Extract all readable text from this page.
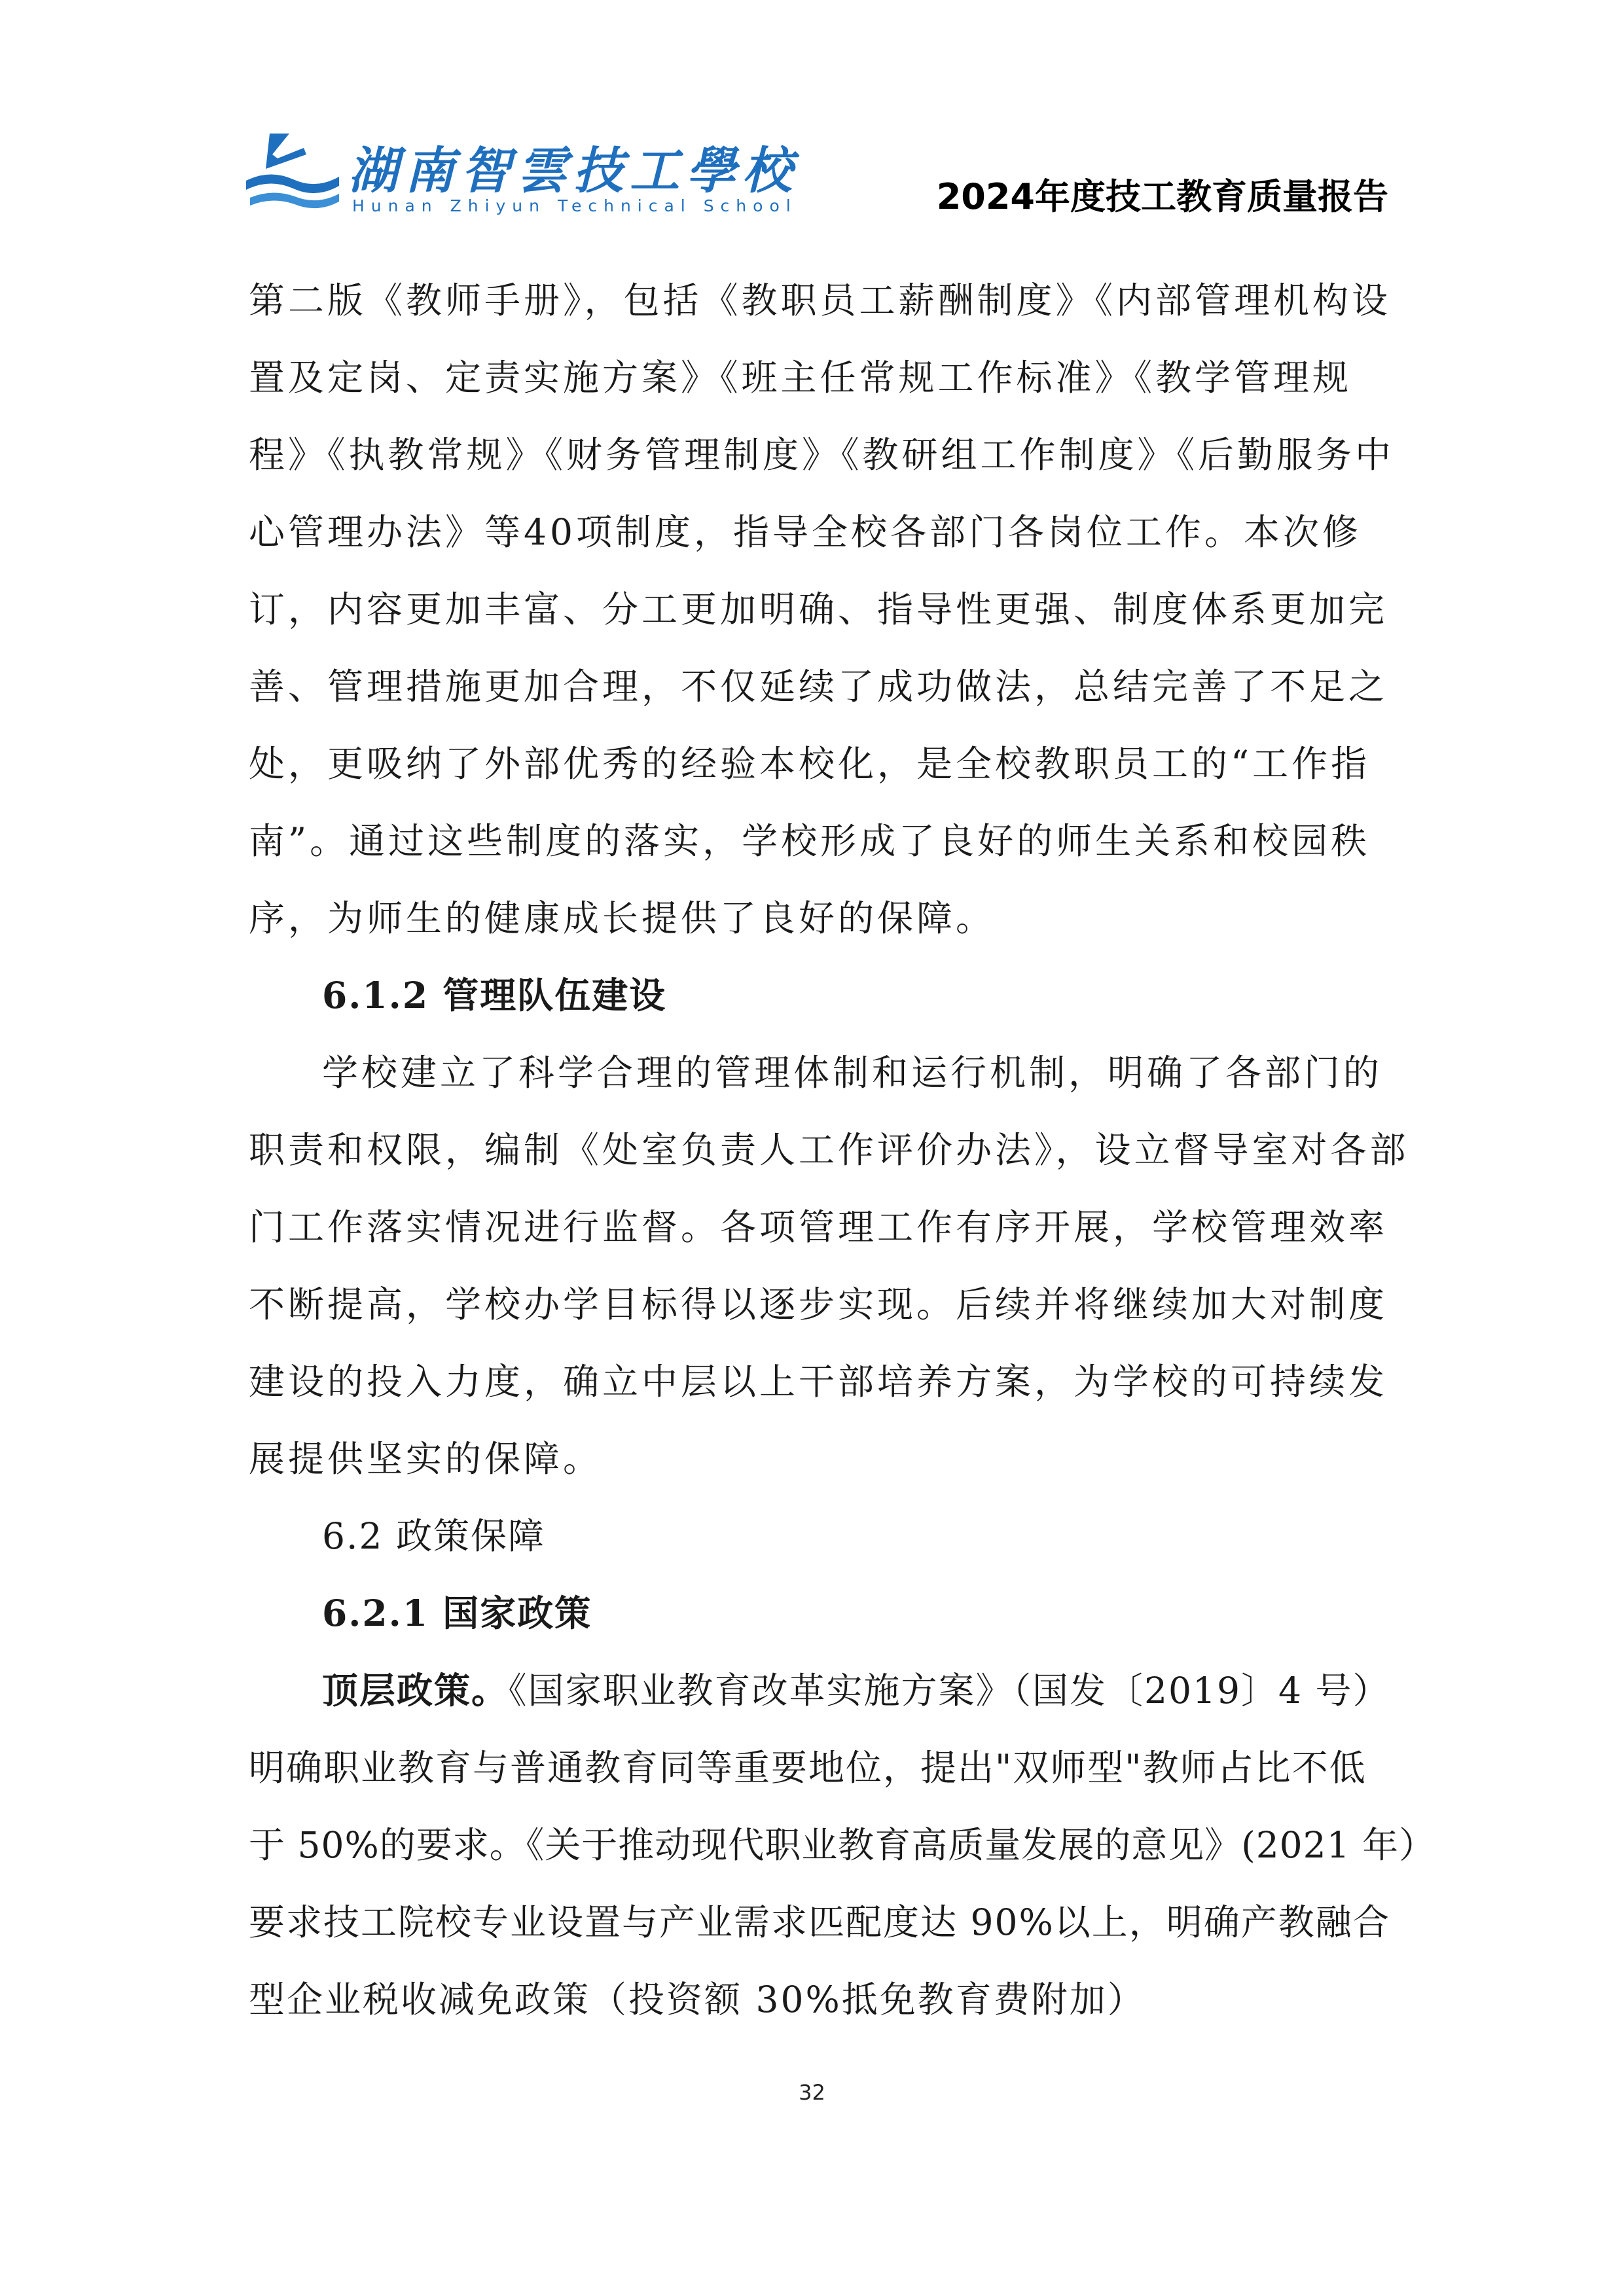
湖南智雲技工學校
Hunan Zhiyun Technical School	2024年度技工教育质量报告
第二版《教师手册》，包括《教职员工薪酬制度》《内部管理机构设
置及定岗、定责实施方案》《班主任常规工作标准》《教学管理规
程》《执教常规》《财务管理制度》《教研组工作制度》《后勤服务中
心管理办法》等40项制度，指导全校各部门各岗位工作。本次修
订，内容更加丰富、分工更加明确、指导性更强、制度体系更加完
善、管理措施更加合理，不仅延续了成功做法，总结完善了不足之
处，更吸纳了外部优秀的经验本校化，是全校教职员工的“工作指
南”。通过这些制度的落实，学校形成了良好的师生关系和校园秩
序，为师生的健康成长提供了良好的保障。
6.1.2 管理队伍建设
学校建立了科学合理的管理体制和运行机制，明确了各部门的
职责和权限，编制《处室负责人工作评价办法》，设立督导室对各部
门工作落实情况进行监督。各项管理工作有序开展，学校管理效率
不断提高，学校办学目标得以逐步实现。后续并将继续加大对制度
建设的投入力度，确立中层以上干部培养方案，为学校的可持续发
展提供坚实的保障。
6.2 政策保障
6.2.1 国家政策
顶层政策。《国家职业教育改革实施方案》（国发〔2019〕4 号）
明确职业教育与普通教育同等重要地位，提出"双师型"教师占比不低
于 50%的要求。《关于推动现代职业教育高质量发展的意见》(2021 年）
要求技工院校专业设置与产业需求匹配度达 90%以上，明确产教融合
型企业税收减免政策（投资额 30%抵免教育费附加）
32
